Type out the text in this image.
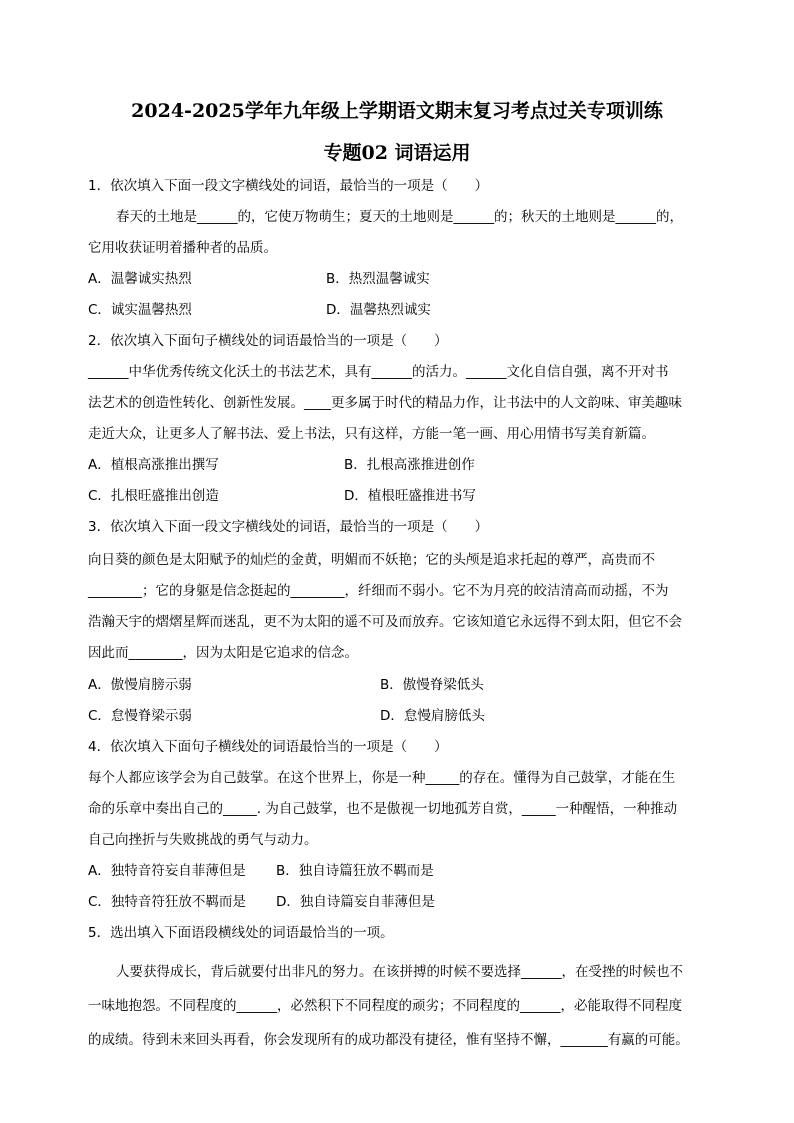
2024-2025学年九年级上学期语文期末复习考点过关专项训练
专题02 词语运用
1．依次填入下面一段文字横线处的词语，最恰当的一项是（　　）
春天的土地是______的，它使万物萌生；夏天的土地则是______的；秋天的土地则是______的，
它用收获证明着播种者的品质。
A．温馨诚实热烈	B．热烈温馨诚实
C．诚实温馨热烈	D．温馨热烈诚实
2．依次填入下面句子横线处的词语最恰当的一项是（　　）
______中华优秀传统文化沃土的书法艺术，具有______的活力。______文化自信自强，离不开对书
法艺术的创造性转化、创新性发展。____更多属于时代的精品力作，让书法中的人文韵味、审美趣味
走近大众，让更多人了解书法、爱上书法，只有这样，方能一笔一画、用心用情书写美育新篇。
A．植根高涨推出撰写	B．扎根高涨推进创作
C．扎根旺盛推出创造	D．植根旺盛推进书写
3．依次填入下面一段文字横线处的词语，最恰当的一项是（　　）
向日葵的颜色是太阳赋予的灿烂的金黄，明媚而不妖艳；它的头颅是追求托起的尊严，高贵而不
________；它的身躯是信念挺起的________，纤细而不弱小。它不为月亮的皎洁清高而动摇，不为
浩瀚天宇的熠熠星辉而迷乱，更不为太阳的遥不可及而放弃。它该知道它永远得不到太阳，但它不会
因此而________，因为太阳是它追求的信念。
A．傲慢肩膀示弱	B．傲慢脊梁低头
C．怠慢脊梁示弱	D．怠慢肩膀低头
4．依次填入下面句子横线处的词语最恰当的一项是（　　）
每个人都应该学会为自己鼓掌。在这个世界上，你是一种_____的存在。懂得为自己鼓掌，才能在生
命的乐章中奏出自己的_____. 为自己鼓掌，也不是傲视一切地孤芳自赏，_____一种醒悟，一种推动
自己向挫折与失败挑战的勇气与动力。
A．独特音符妄自菲薄但是 B．独自诗篇狂放不羁而是
C．独特音符狂放不羁而是 D．独自诗篇妄自菲薄但是
5．选出填入下面语段横线处的词语最恰当的一项。
人要获得成长，背后就要付出非凡的努力。在该拼搏的时候不要选择______，在受挫的时候也不
一味地抱怨。不同程度的______，必然积下不同程度的顽劣；不同程度的______，必能取得不同程度
的成绩。待到未来回头再看，你会发现所有的成功都没有捷径，惟有坚持不懈，_______有赢的可能。
